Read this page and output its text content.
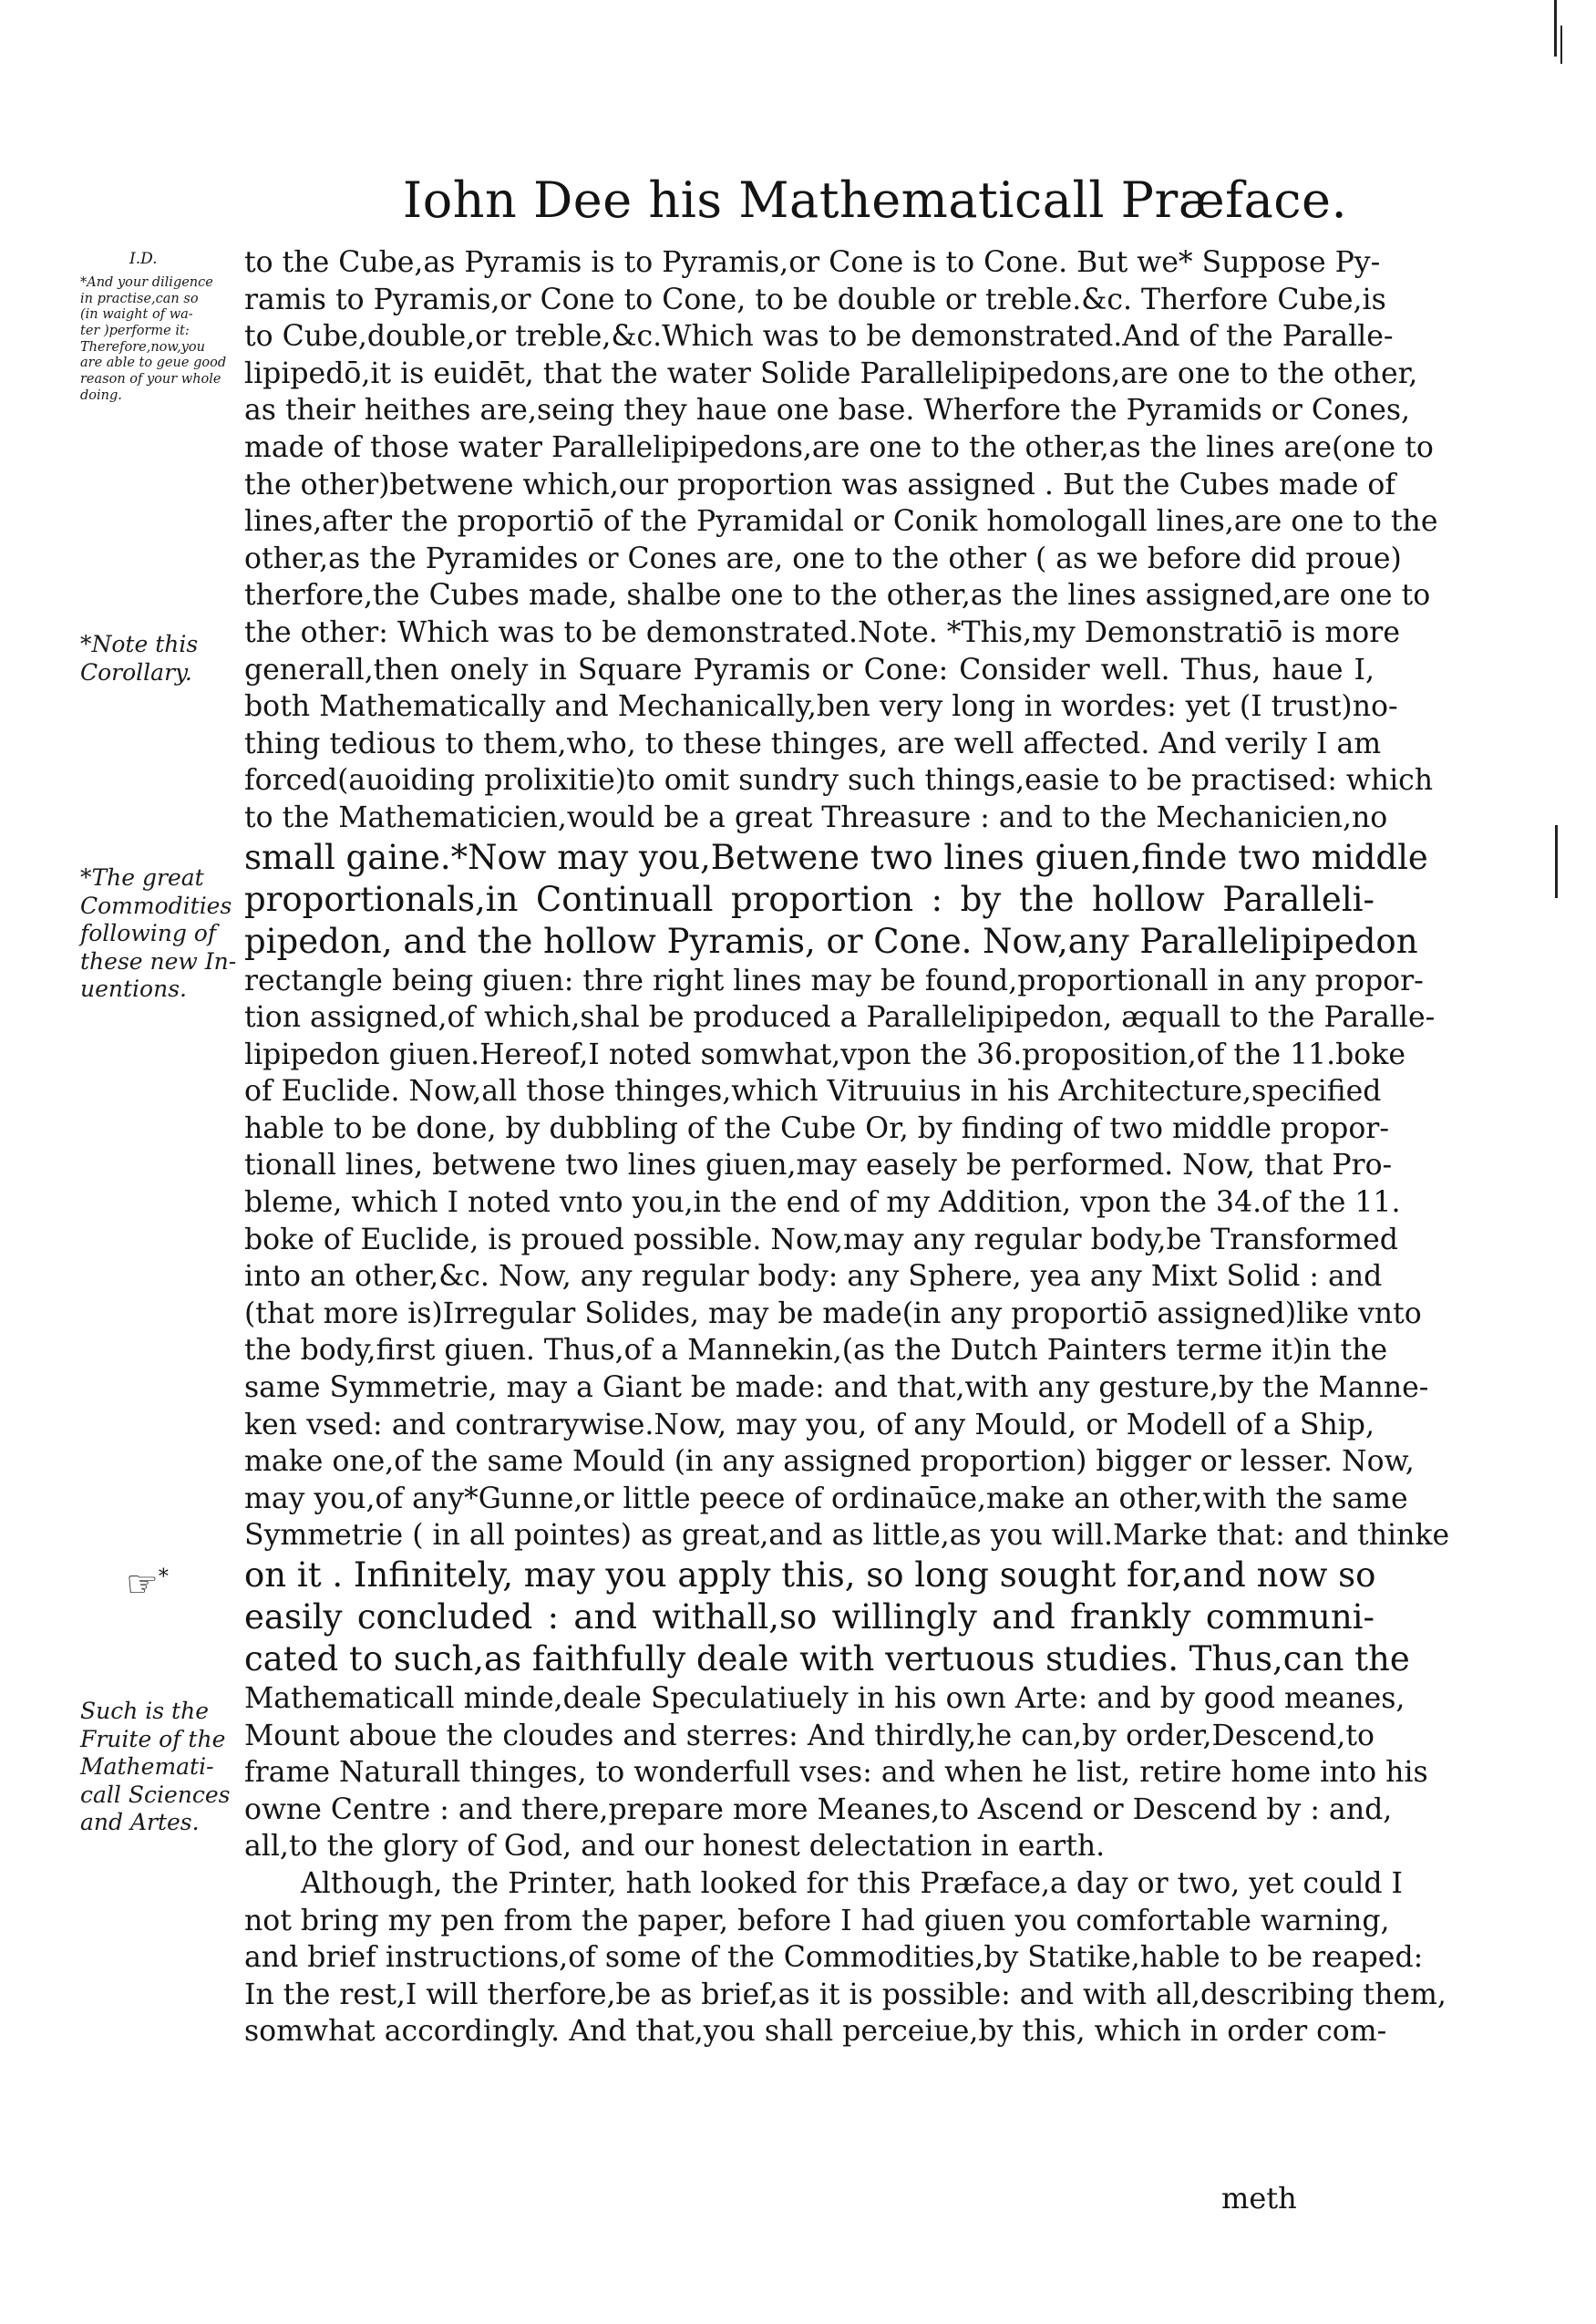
Iohn Dee his Mathematicall Præface.
I.D.
*And your diligence
in practise,can so
(in waight of wa-
ter )performe it:
Therefore,now,you
are able to geue good
reason of your whole
doing.
*Note this
Corollary.
*The great
Commodities
following of
these new In-
uentions.
☞*
Such is the
Fruite of the
Mathemati-
call Sciences
and Artes.
to the Cube,as Pyramis is to Pyramis,or Cone is to Cone. But we* Suppose Py-
ramis to Pyramis,or Cone to Cone, to be double or treble.&c. Therfore Cube,is
to Cube,double,or treble,&c.Which was to be demonstrated.And of the Paralle-
lipipedō,it is euidēt, that the water Solide Parallelipipedons,are one to the other,
as their heithes are,seing they haue one base. Wherfore the Pyramids or Cones,
made of those water Parallelipipedons,are one to the other,as the lines are(one to
the other)betwene which,our proportion was assigned . But the Cubes made of
lines,after the proportiō of the Pyramidal or Conik homologall lines,are one to the
other,as the Pyramides or Cones are, one to the other ( as we before did proue)
therfore,the Cubes made, shalbe one to the other,as the lines assigned,are one to
the other: Which was to be demonstrated.Note. *This,my Demonstratiō is more
generall,then onely in Square Pyramis or Cone: Consider well. Thus, haue I,
both Mathematically and Mechanically,ben very long in wordes: yet (I trust)no-
thing tedious to them,who, to these thinges, are well affected. And verily I am
forced(auoiding prolixitie)to omit sundry such things,easie to be practised: which
to the Mathematicien,would be a great Threasure : and to the Mechanicien,no
small gaine.*Now may you,Betwene two lines giuen,finde two middle
proportionals,in Continuall proportion : by the hollow Paralleli-
pipedon, and the hollow Pyramis, or Cone. Now,any Parallelipipedon
rectangle being giuen: thre right lines may be found,proportionall in any propor-
tion assigned,of which,shal be produced a Parallelipipedon, æquall to the Paralle-
lipipedon giuen.Hereof,I noted somwhat,vpon the 36.proposition,of the 11.boke
of Euclide. Now,all those thinges,which Vitruuius in his Architecture,specified
hable to be done, by dubbling of the Cube Or, by finding of two middle propor-
tionall lines, betwene two lines giuen,may easely be performed. Now, that Pro-
bleme, which I noted vnto you,in the end of my Addition, vpon the 34.of the 11.
boke of Euclide, is proued possible. Now,may any regular body,be Transformed
into an other,&c. Now, any regular body: any Sphere, yea any Mixt Solid : and
(that more is)Irregular Solides, may be made(in any proportiō assigned)like vnto
the body,first giuen. Thus,of a Mannekin,(as the Dutch Painters terme it)in the
same Symmetrie, may a Giant be made: and that,with any gesture,by the Manne-
ken vsed: and contrarywise.Now, may you, of any Mould, or Modell of a Ship,
make one,of the same Mould (in any assigned proportion) bigger or lesser. Now,
may you,of any*Gunne,or little peece of ordinaūce,make an other,with the same
Symmetrie ( in all pointes) as great,and as little,as you will.Marke that: and thinke
on it . Infinitely, may you apply this, so long sought for,and now so
easily concluded : and withall,so willingly and frankly communi-
cated to such,as faithfully deale with vertuous studies. Thus,can the
Mathematicall minde,deale Speculatiuely in his own Arte: and by good meanes,
Mount aboue the cloudes and sterres: And thirdly,he can,by order,Descend,to
frame Naturall thinges, to wonderfull vses: and when he list, retire home into his
owne Centre : and there,prepare more Meanes,to Ascend or Descend by : and,
all,to the glory of God, and our honest delectation in earth.
Although, the Printer, hath looked for this Præface,a day or two, yet could I
not bring my pen from the paper, before I had giuen you comfortable warning,
and brief instructions,of some of the Commodities,by Statike,hable to be reaped:
In the rest,I will therfore,be as brief,as it is possible: and with all,describing them,
somwhat accordingly. And that,you shall perceiue,by this, which in order com-
meth
